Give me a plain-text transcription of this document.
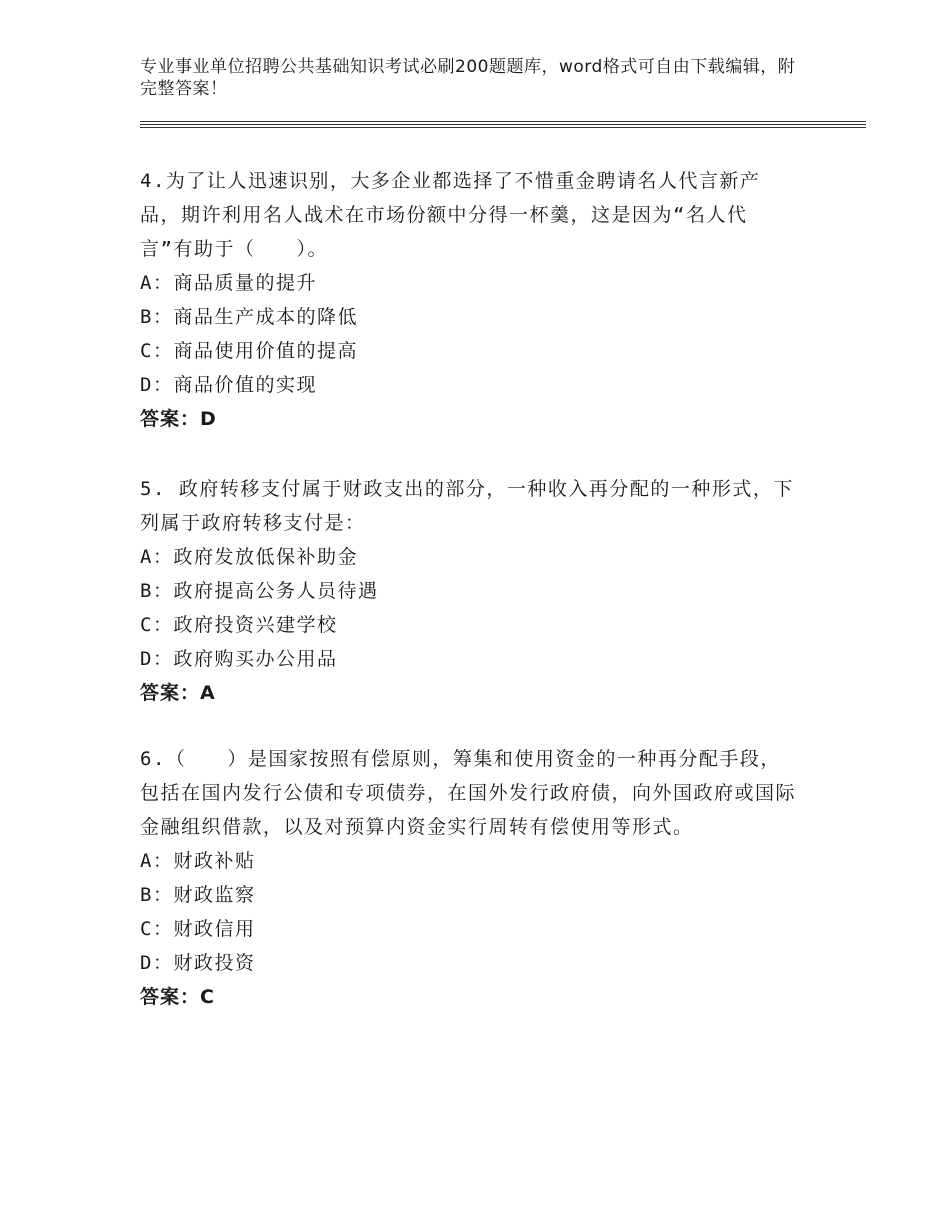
专业事业单位招聘公共基础知识考试必刷200题题库，word格式可自由下载编辑，附完整答案！

4.为了让人迅速识别，大多企业都选择了不惜重金聘请名人代言新产品，期许利用名人战术在市场份额中分得一杯羹，这是因为“名人代言”有助于（　　）。

A：商品质量的提升

B：商品生产成本的降低

C：商品使用价值的提高

D：商品价值的实现

答案：D

5. 政府转移支付属于财政支出的部分，一种收入再分配的一种形式，下列属于政府转移支付是：

A：政府发放低保补助金

B：政府提高公务人员待遇

C：政府投资兴建学校

D：政府购买办公用品

答案：A

6.（　　）是国家按照有偿原则，筹集和使用资金的一种再分配手段，包括在国内发行公债和专项债券，在国外发行政府债，向外国政府或国际金融组织借款，以及对预算内资金实行周转有偿使用等形式。

A：财政补贴

B：财政监察

C：财政信用

D：财政投资

答案：C
